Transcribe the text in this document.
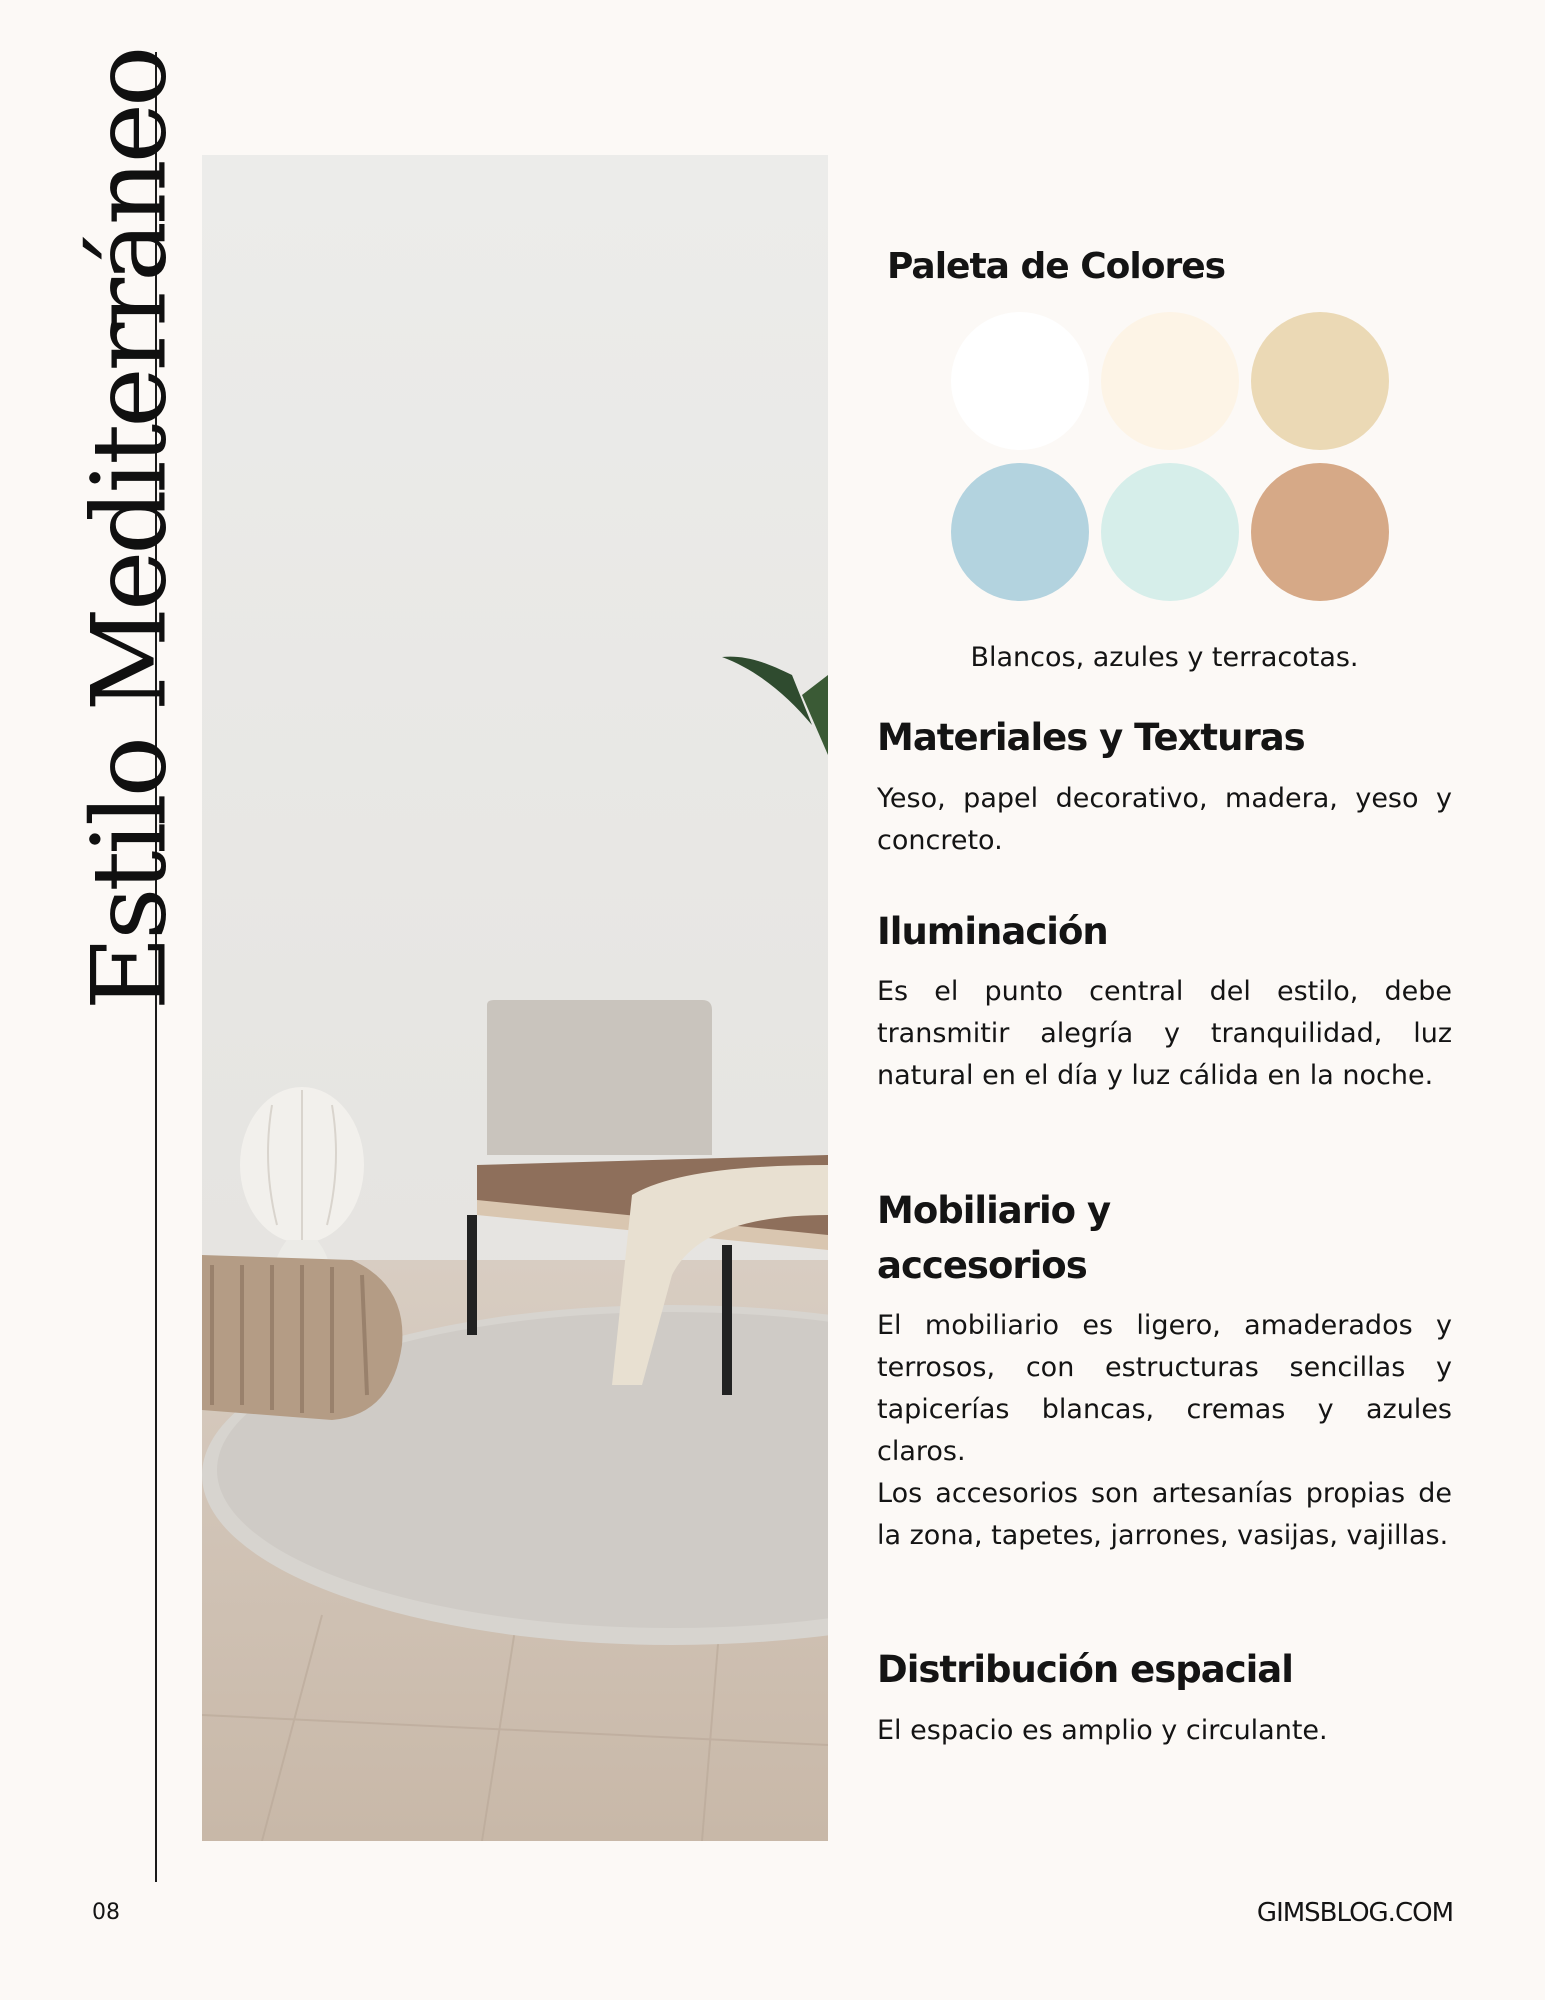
Estilo Mediterráneo	Paleta de Colores

Blancos, azules y terracotas.

Materiales y Texturas

Yeso, papel decorativo, madera, yeso y concreto.

Iluminación

Es el punto central del estilo, debe transmitir alegría y tranquilidad, luz natural en el día y luz cálida en la noche.

Mobiliario y
accesorios

El mobiliario es ligero, amaderados y terrosos, con estructuras sencillas y tapicerías blancas, cremas y azules claros.

Los accesorios son artesanías propias de la zona, tapetes, jarrones, vasijas, vajillas.

Distribución espacial

El espacio es amplio y circulante.

08	GIMSBLOG.COM
